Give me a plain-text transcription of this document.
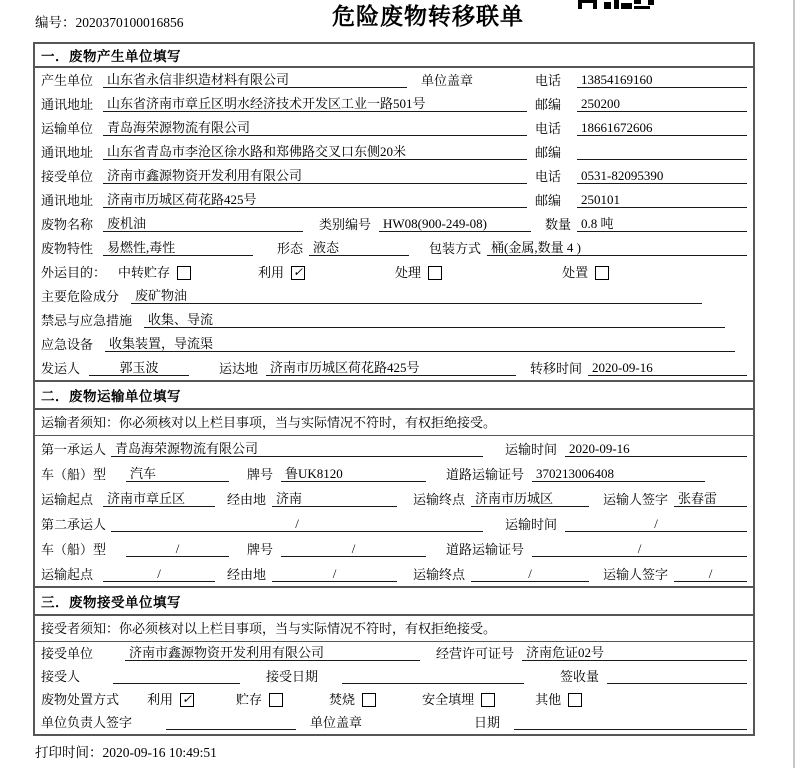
编号：2020370100016856	危险废物转移联单
一．废物产生单位填写
产生单位	山东省永信非织造材料有限公司	单位盖章	电话	13854169160
通讯地址	山东省济南市章丘区明水经济技术开发区工业一路501号	邮编	250200
运输单位	青岛海荣源物流有限公司	电话	18661672606
通讯地址	山东省青岛市李沧区徐水路和郑佛路交叉口东侧20米	邮编
接受单位	济南市鑫源物资开发利用有限公司	电话	0531-82095390
通讯地址	济南市历城区荷花路425号	邮编	250101
废物名称	废机油	类别编号 HW08(900-249-08)	数量 0.8 吨
废物特性	易燃性,毒性	形态 液态	包装方式 桶(金属,数量 4 )
外运目的： 中转贮存	利用 ✓	处理	处置
主要危险成分	废矿物油
禁忌与应急措施	收集、导流
应急设备	收集装置，导流渠
发运人	郭玉波	运达地 济南市历城区荷花路425号	转移时间 2020-09-16
二．废物运输单位填写
运输者须知：你必须核对以上栏目事项，当与实际情况不符时，有权拒绝接受。
第一承运人 青岛海荣源物流有限公司	运输时间 2020-09-16
车（船）型	汽车	牌号 鲁UK8120	道路运输证号 370213006408
运输起点	济南市章丘区	经由地 济南	运输终点 济南市历城区	运输人签字 张春雷
第二承运人	/	运输时间	/
车（船）型	/	牌号	/	道路运输证号	/
运输起点	/	经由地	/	运输终点	/	运输人签字	/
三．废物接受单位填写
接受者须知：你必须核对以上栏目事项，当与实际情况不符时，有权拒绝接受。
接受单位	济南市鑫源物资开发利用有限公司	经营许可证号 济南危证02号
接受人	接受日期	签收量
废物处置方式 利用 ✓	贮存	焚烧	安全填埋	其他
单位负责人签字	单位盖章	日期
打印时间：2020-09-16 10:49:51
